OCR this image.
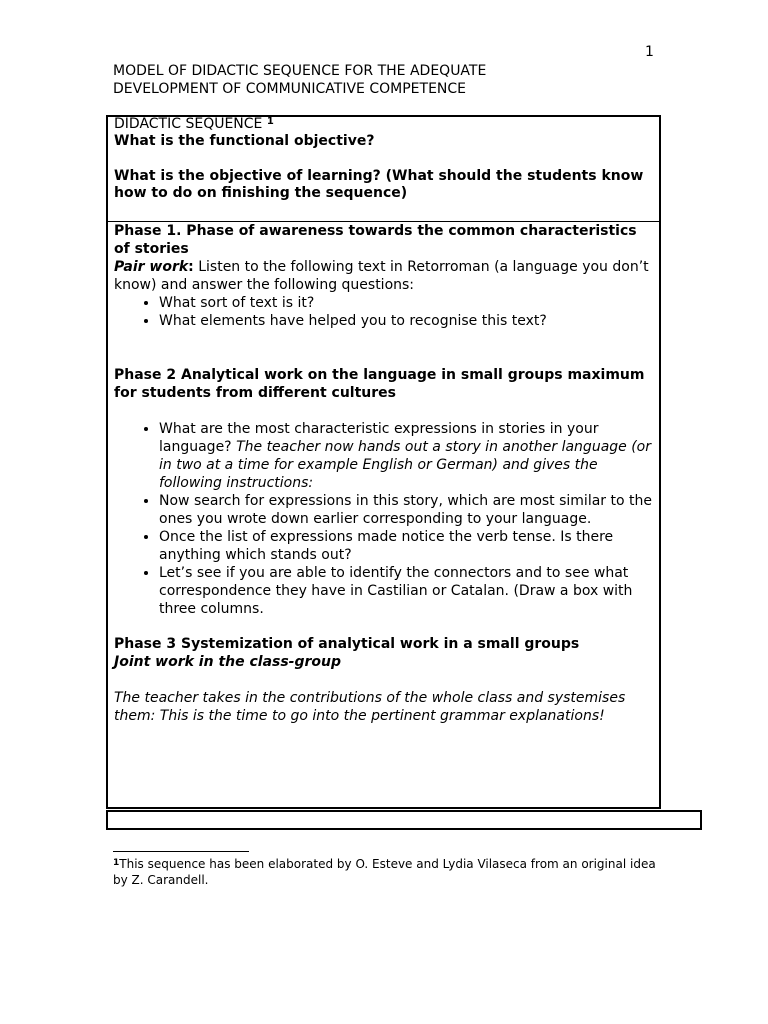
1
MODEL OF DIDACTIC SEQUENCE FOR THE ADEQUATE
DEVELOPMENT OF COMMUNICATIVE COMPETENCE
DIDACTIC SEQUENCE $^1$
What is the functional objective?
What is the objective of learning? (What should the students know how to do on finishing the sequence)
Phase 1. Phase of awareness towards the common characteristics of stories
Pair work: Listen to the following text in Retorroman (a language you don’t know) and answer the following questions:
• What sort of text is it?
• What elements have helped you to recognise this text?
Phase 2 Analytical work on the language in small groups maximum for students from different cultures
• What are the most characteristic expressions in stories in your language? The teacher now hands out a story in another language (or in two at a time for example English or German) and gives the following instructions:
• Now search for expressions in this story, which are most similar to the ones you wrote down earlier corresponding to your language.
• Once the list of expressions made notice the verb tense. Is there anything which stands out?
• Let’s see if you are able to identify the connectors and to see what correspondence they have in Castilian or Catalan. (Draw a box with three columns.
Phase 3 Systemization of analytical work in a small groups
Joint work in the class-group
The teacher takes in the contributions of the whole class and systemises them: This is the time to go into the pertinent grammar explanations!
$^1$This sequence has been elaborated by O. Esteve and Lydia Vilaseca from an original idea by Z. Carandell.
